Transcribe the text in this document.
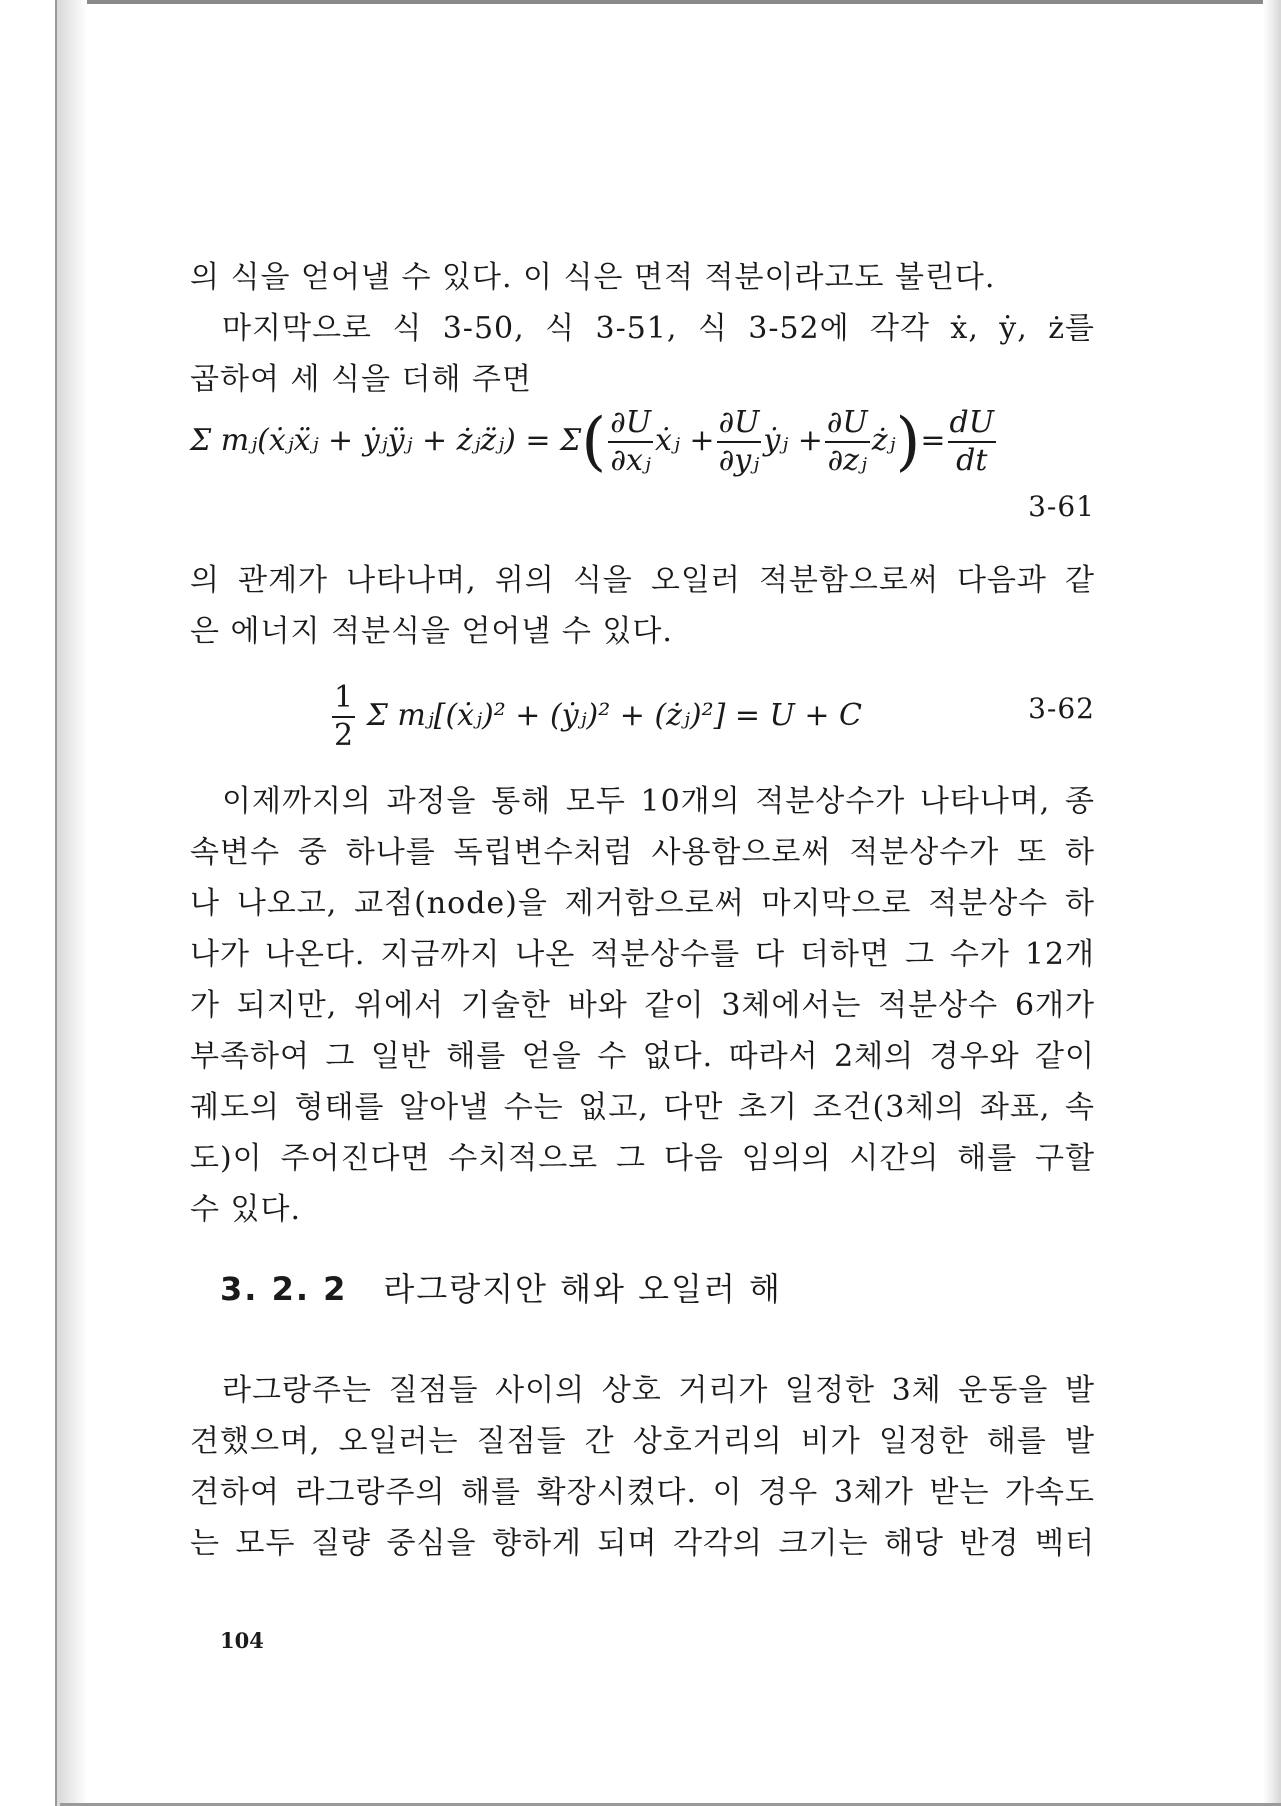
의 식을 얻어낼 수 있다. 이 식은 면적 적분이라고도 불린다.

마지막으로 식 3-50, 식 3-51, 식 3-52에 각각 ẋ, ẏ, ż를

곱하여 세 식을 더해 주면

Σ mⱼ(ẋⱼẍⱼ + ẏⱼÿⱼ + żⱼz̈ⱼ) = $\Sigma( \frac{\partial U}{\text{∂xⱼ}}$ ẋⱼ + $\frac{\partial U}{\text{∂yⱼ}}$ ẏⱼ + $\frac{\partial U}{\text{∂zⱼ}}$ żⱼ)= $\frac{dU}{dt}$
3-61

의 관계가 나타나며, 위의 식을 오일러 적분함으로써 다음과 같

은 에너지 적분식을 얻어낼 수 있다.

$\frac{1}{2}$ Σ mⱼ[(ẋⱼ)² + (ẏⱼ)² + (żⱼ)²] = U + C	3-62

이제까지의 과정을 통해 모두 10개의 적분상수가 나타나며, 종

속변수 중 하나를 독립변수처럼 사용함으로써 적분상수가 또 하

나 나오고, 교점(node)을 제거함으로써 마지막으로 적분상수 하

나가 나온다. 지금까지 나온 적분상수를 다 더하면 그 수가 12개

가 되지만, 위에서 기술한 바와 같이 3체에서는 적분상수 6개가

부족하여 그 일반 해를 얻을 수 없다. 따라서 2체의 경우와 같이

궤도의 형태를 알아낼 수는 없고, 다만 초기 조건(3체의 좌표, 속

도)이 주어진다면 수치적으로 그 다음 임의의 시간의 해를 구할

수 있다.

3. 2. 2 라그랑지안 해와 오일러 해

라그랑주는 질점들 사이의 상호 거리가 일정한 3체 운동을 발

견했으며, 오일러는 질점들 간 상호거리의 비가 일정한 해를 발

견하여 라그랑주의 해를 확장시켰다. 이 경우 3체가 받는 가속도

는 모두 질량 중심을 향하게 되며 각각의 크기는 해당 반경 벡터

104
